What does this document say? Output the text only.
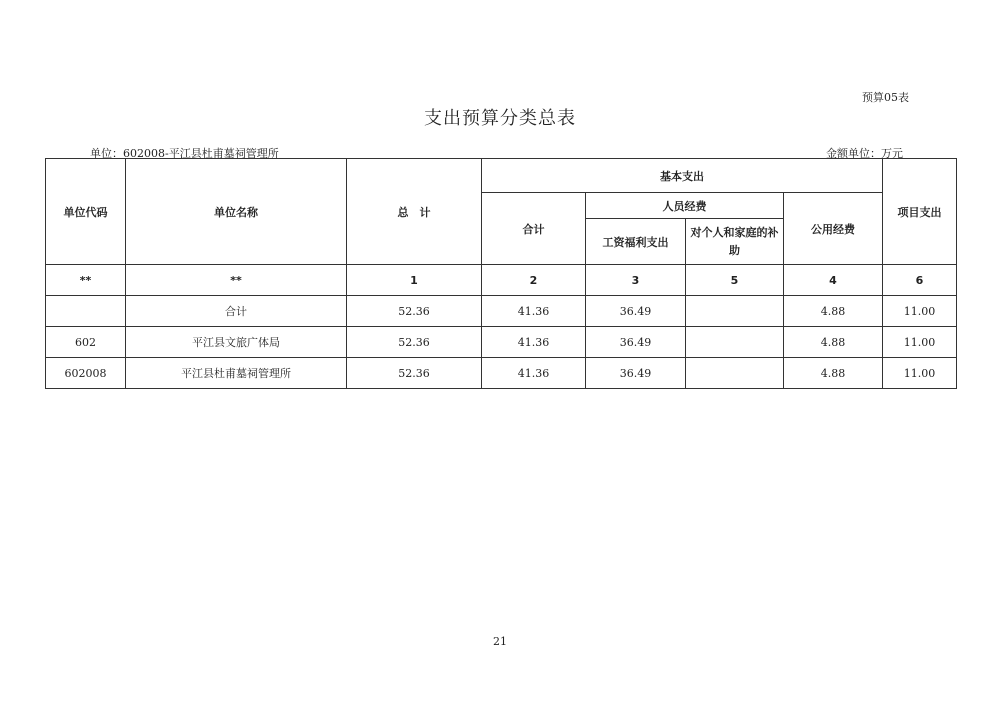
预算05表
支出预算分类总表
单位：602008-平江县杜甫墓祠管理所	金额单位：万元
单位代码	单位名称	总　计	基本支出				项目支出
			合计	人员经费		公用经费	
				工资福利支出	对个人和家庭的补助		
**	**	1	2	3	5	4	6
	合计	52.36	41.36	36.49		4.88	11.00
602	平江县文旅广体局	52.36	41.36	36.49		4.88	11.00
602008	平江县杜甫墓祠管理所	52.36	41.36	36.49		4.88	11.00
21
